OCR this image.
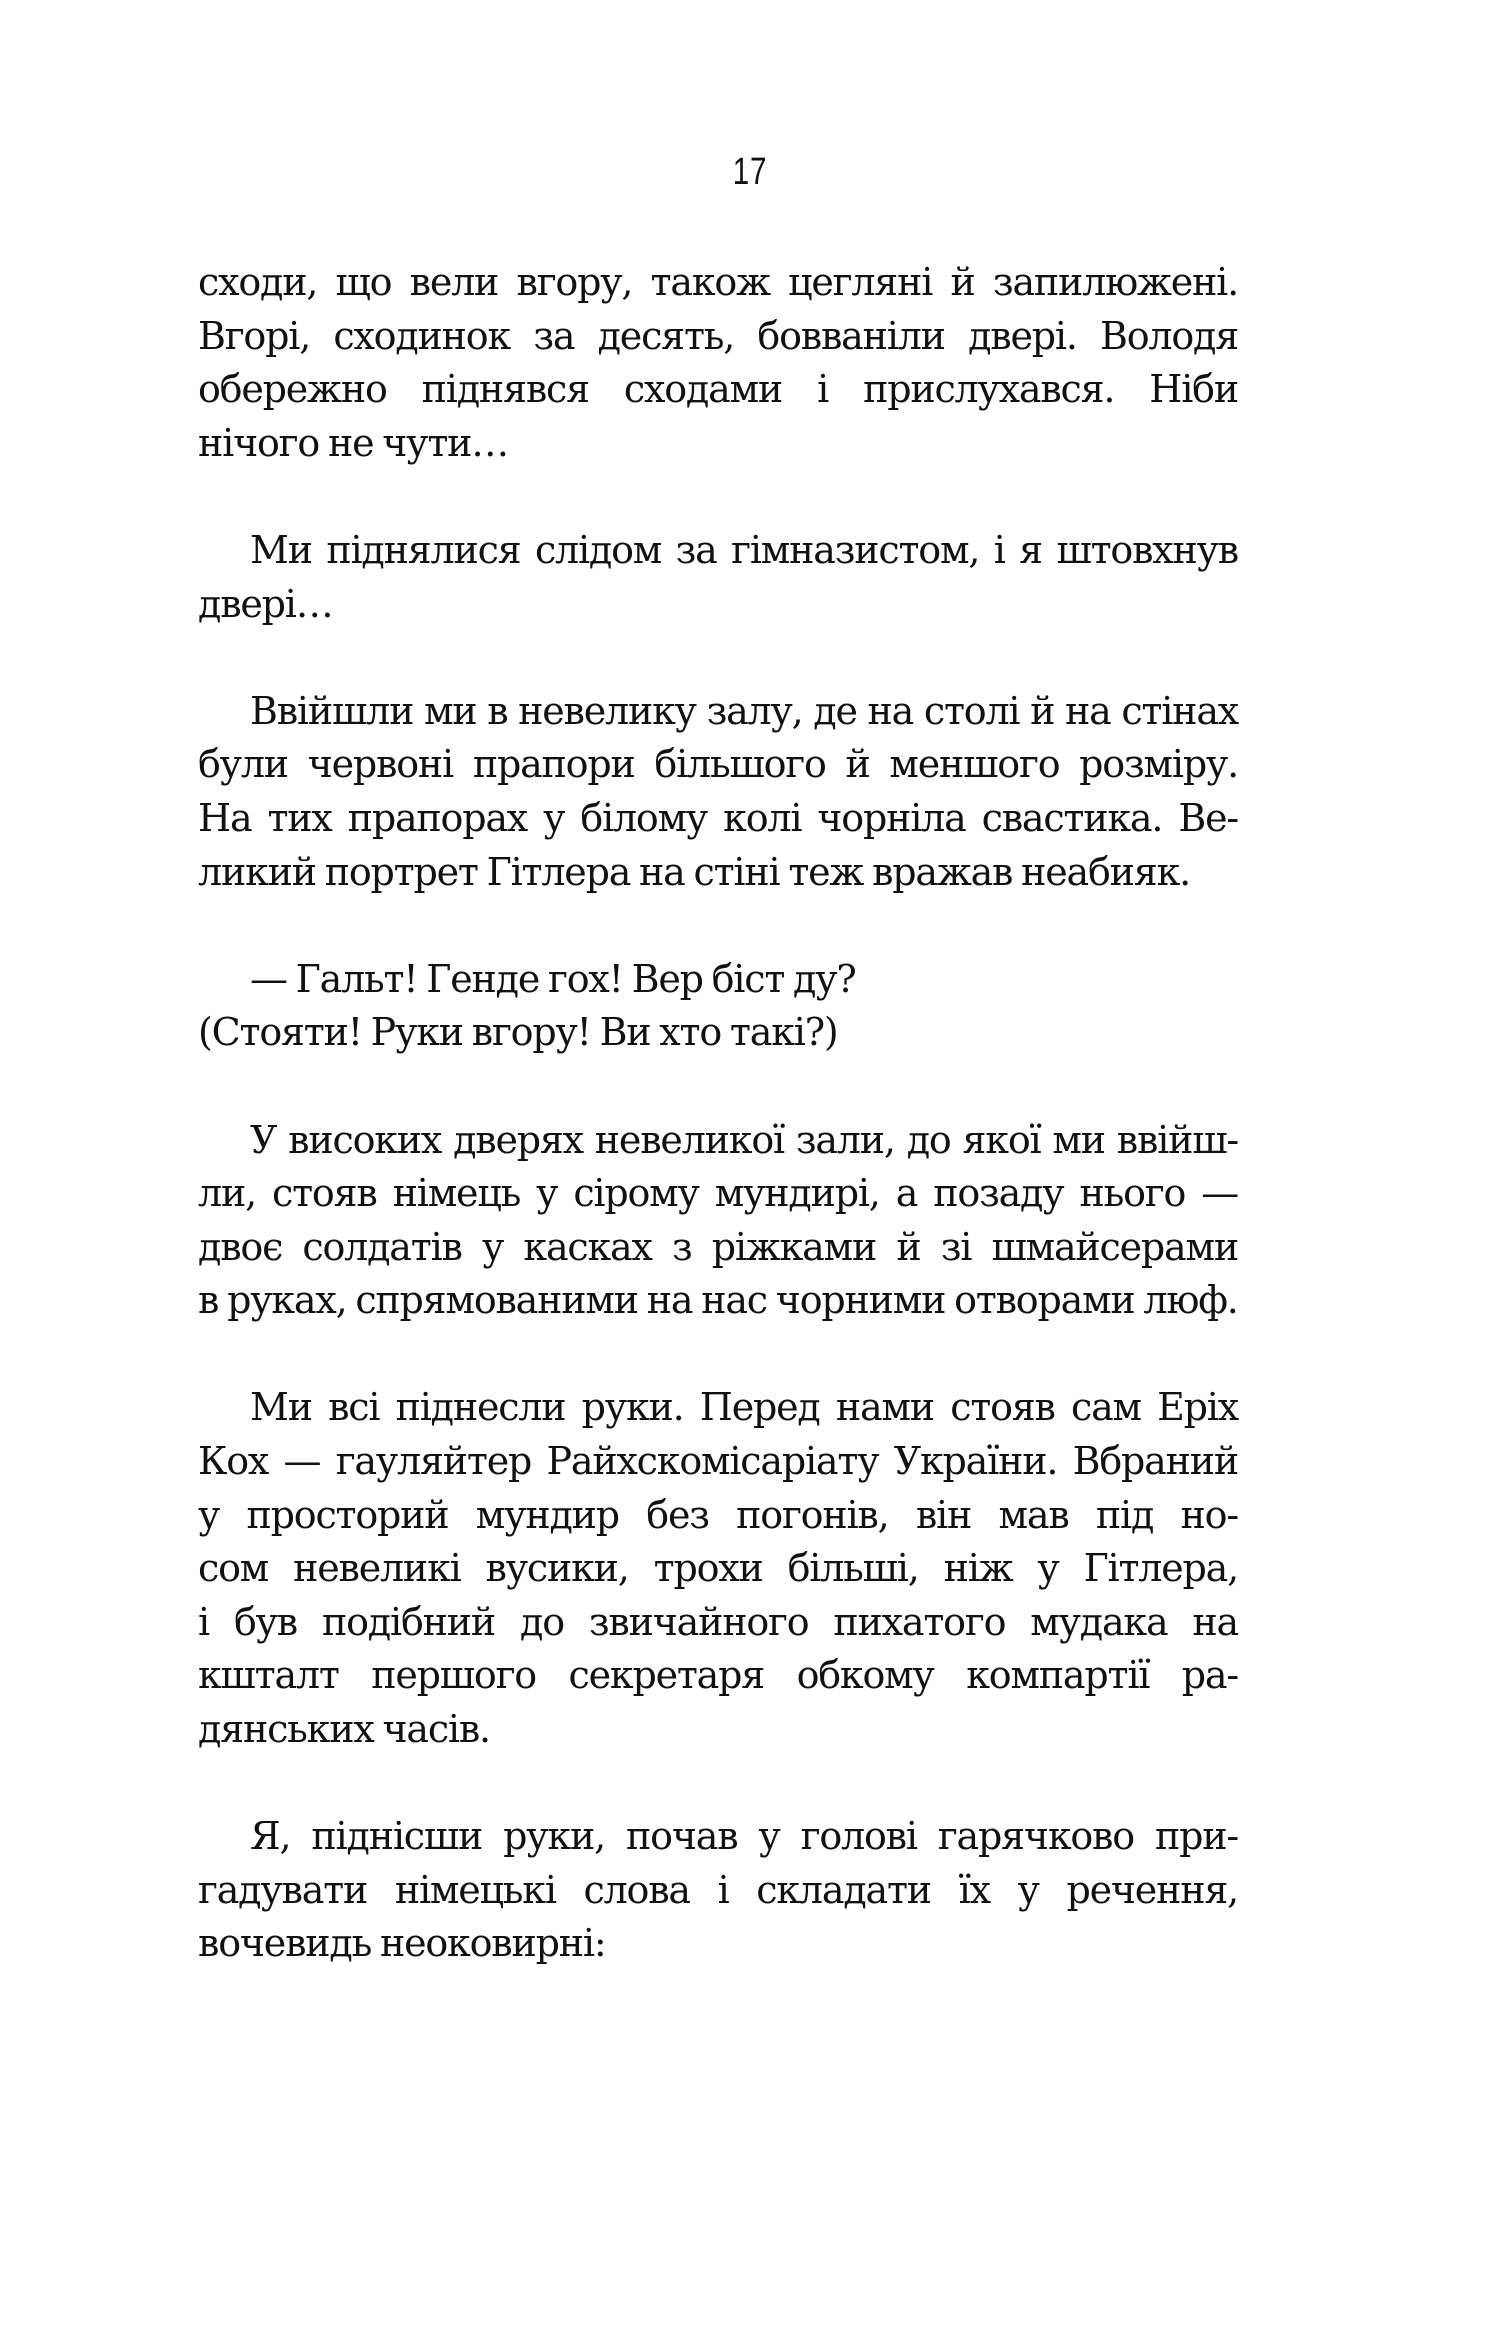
17

сходи, що вели вгору, також цегляні й запилюжені.
Вгорі, сходинок за десять, бовваніли двері. Володя
обережно піднявся сходами і прислухався. Ніби
нічого не чути…

Ми піднялися слідом за гімназистом, і я штовхнув
двері…

Ввійшли ми в невелику залу, де на столі й на стінах
були червоні прапори більшого й меншого розміру.
На тих прапорах у білому колі чорніла свастика. Ве-
ликий портрет Гітлера на стіні теж вражав неабияк.

— Гальт! Генде гох! Вер біст ду?

(Стояти! Руки вгору! Ви хто такі?)

У високих дверях невеликої зали, до якої ми ввійш-
ли, стояв німець у сірому мундирі, а позаду нього —
двоє солдатів у касках з ріжками й зі шмайсерами
в руках, спрямованими на нас чорними отворами люф.

Ми всі піднесли руки. Перед нами стояв сам Еріх
Кох — гауляйтер Райхскомісаріату України. Вбраний
у просторий мундир без погонів, він мав під но-
сом невеликі вусики, трохи більші, ніж у Гітлера,
і був подібний до звичайного пихатого мудака на
кшталт першого секретаря обкому компартії ра-
дянських часів.

Я, піднісши руки, почав у голові гарячково при-
гадувати німецькі слова і складати їх у речення,
вочевидь неоковирні:
